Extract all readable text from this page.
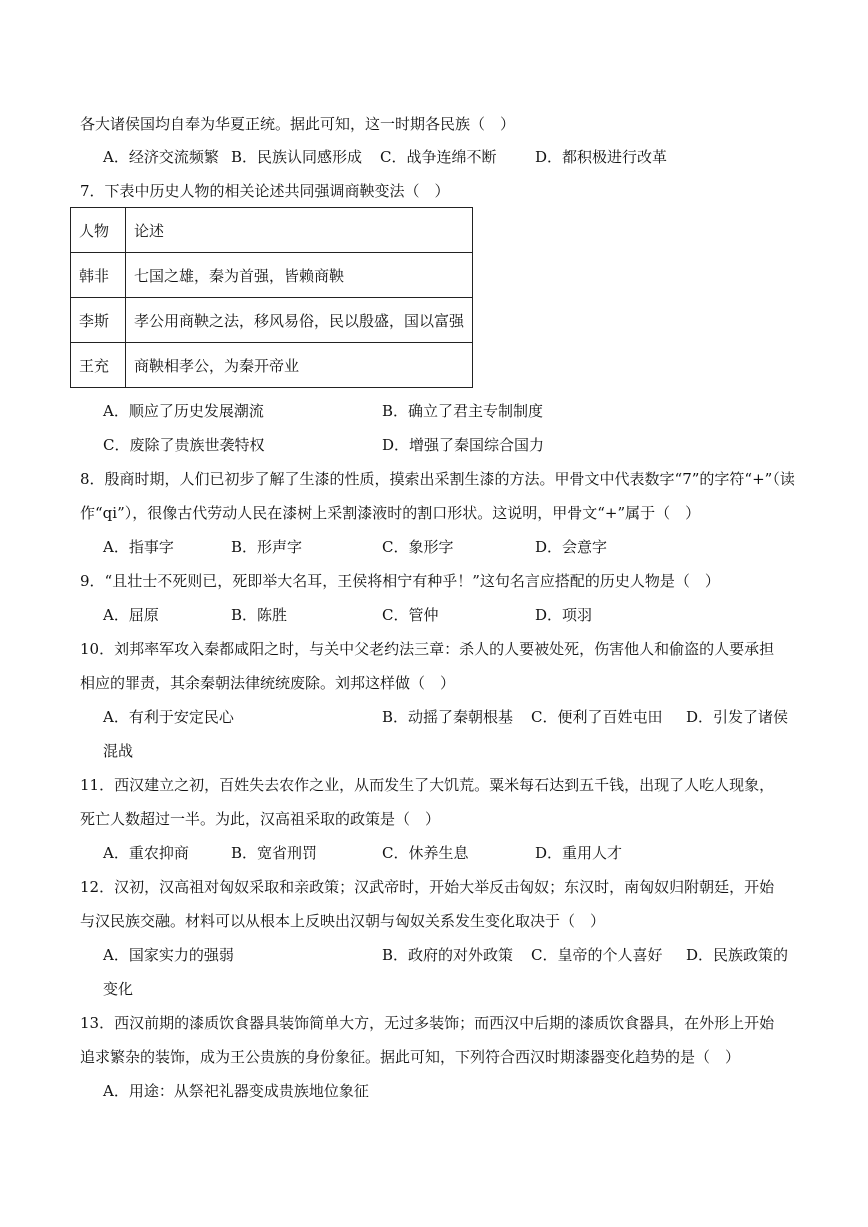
各大诸侯国均自奉为华夏正统。据此可知，这一时期各民族（　）
A．经济交流频繁 B．民族认同感形成 C．战争连绵不断	D．都积极进行改革
7．下表中历史人物的相关论述共同强调商鞅变法（　）
人物	论述
韩非	七国之雄，秦为首强，皆赖商鞅
李斯	孝公用商鞅之法，移风易俗，民以殷盛，国以富强
王充	商鞅相孝公，为秦开帝业
A．顺应了历史发展潮流	B．确立了君主专制制度
C．废除了贵族世袭特权	D．增强了秦国综合国力
8．殷商时期，人们已初步了解了生漆的性质，摸索出采割生漆的方法。甲骨文中代表数字“7”的字符“+”（读
作“qi”），很像古代劳动人民在漆树上采割漆液时的割口形状。这说明，甲骨文“+”属于（　）
A．指事字	B．形声字	C．象形字	D．会意字
9．“且壮士不死则已，死即举大名耳，王侯将相宁有种乎！”这句名言应搭配的历史人物是（　）
A．屈原	B．陈胜	C．管仲	D．项羽
10．刘邦率军攻入秦都咸阳之时，与关中父老约法三章：杀人的人要被处死，伤害他人和偷盗的人要承担
相应的罪责，其余秦朝法律统统废除。刘邦这样做（　）
A．有利于安定民心	B．动摇了秦朝根基 C．便利了百姓屯田 D．引发了诸侯
混战
11．西汉建立之初，百姓失去农作之业，从而发生了大饥荒。粟米每石达到五千钱，出现了人吃人现象，
死亡人数超过一半。为此，汉高祖采取的政策是（　）
A．重农抑商	B．宽省刑罚	C．休养生息	D．重用人才
12．汉初，汉高祖对匈奴采取和亲政策；汉武帝时，开始大举反击匈奴；东汉时，南匈奴归附朝廷，开始
与汉民族交融。材料可以从根本上反映出汉朝与匈奴关系发生变化取决于（　）
A．国家实力的强弱	B．政府的对外政策 C．皇帝的个人喜好 D．民族政策的
变化
13．西汉前期的漆质饮食器具装饰简单大方，无过多装饰；而西汉中后期的漆质饮食器具，在外形上开始
追求繁杂的装饰，成为王公贵族的身份象征。据此可知，下列符合西汉时期漆器变化趋势的是（　）
A．用途：从祭祀礼器变成贵族地位象征
